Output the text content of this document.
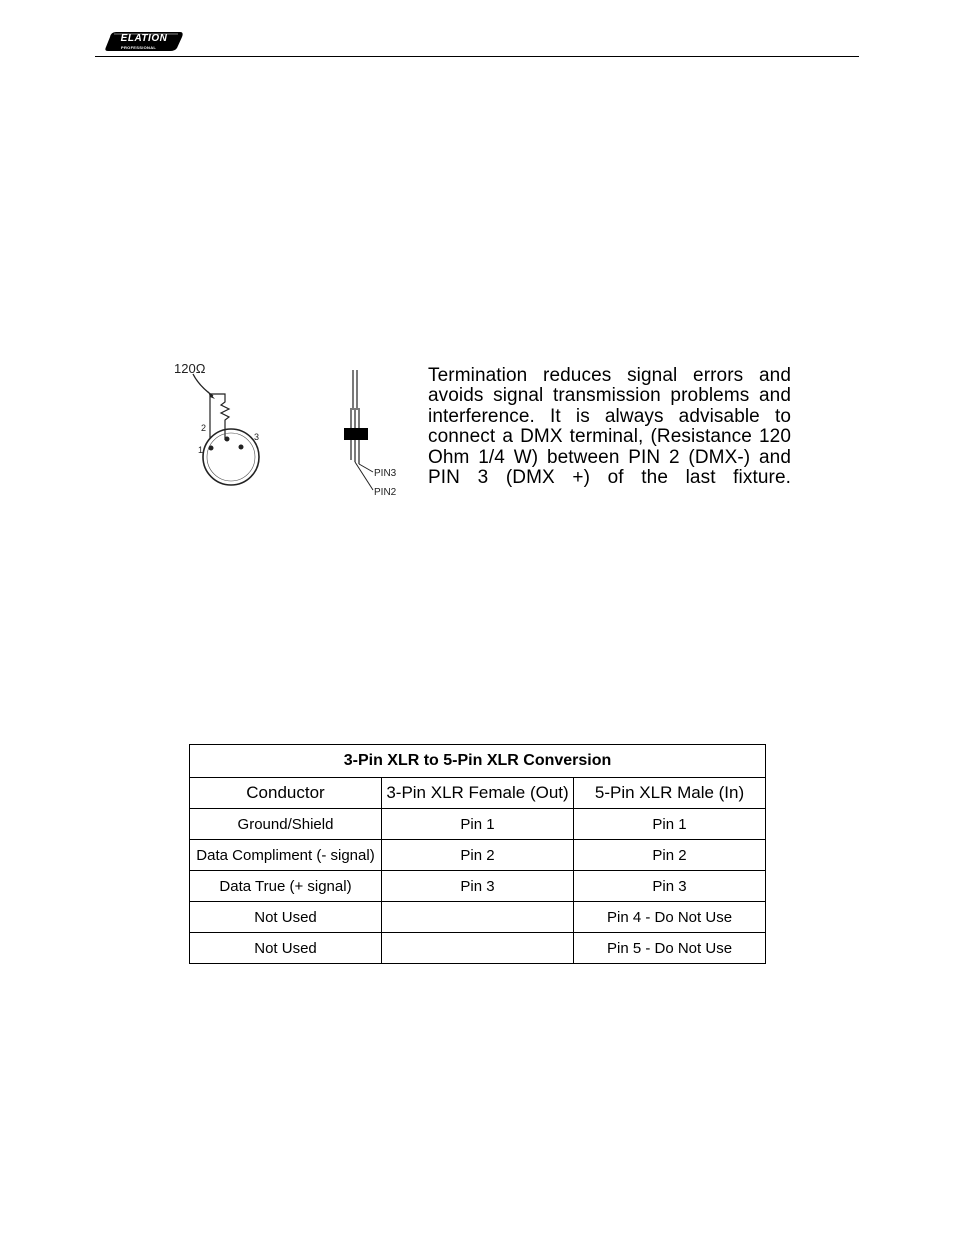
ELATION
PROFESSIONAL
120Ω
1
2
3
PIN3
PIN2
Termination reduces signal errors and avoids signal transmission problems and interference. It is always advisable to connect a DMX terminal, (Resistance 120 Ohm 1/4 W) between PIN 2 (DMX-) and PIN 3 (DMX +) of the last fixture.
3-Pin XLR to 5-Pin XLR Conversion		
Conductor	3-Pin XLR Female (Out)	5-Pin XLR Male (In)
Ground/Shield	Pin 1	Pin 1
Data Compliment (- signal)	Pin 2	Pin 2
Data True (+ signal)	Pin 3	Pin 3
Not Used		Pin 4 - Do Not Use
Not Used		Pin 5 - Do Not Use
